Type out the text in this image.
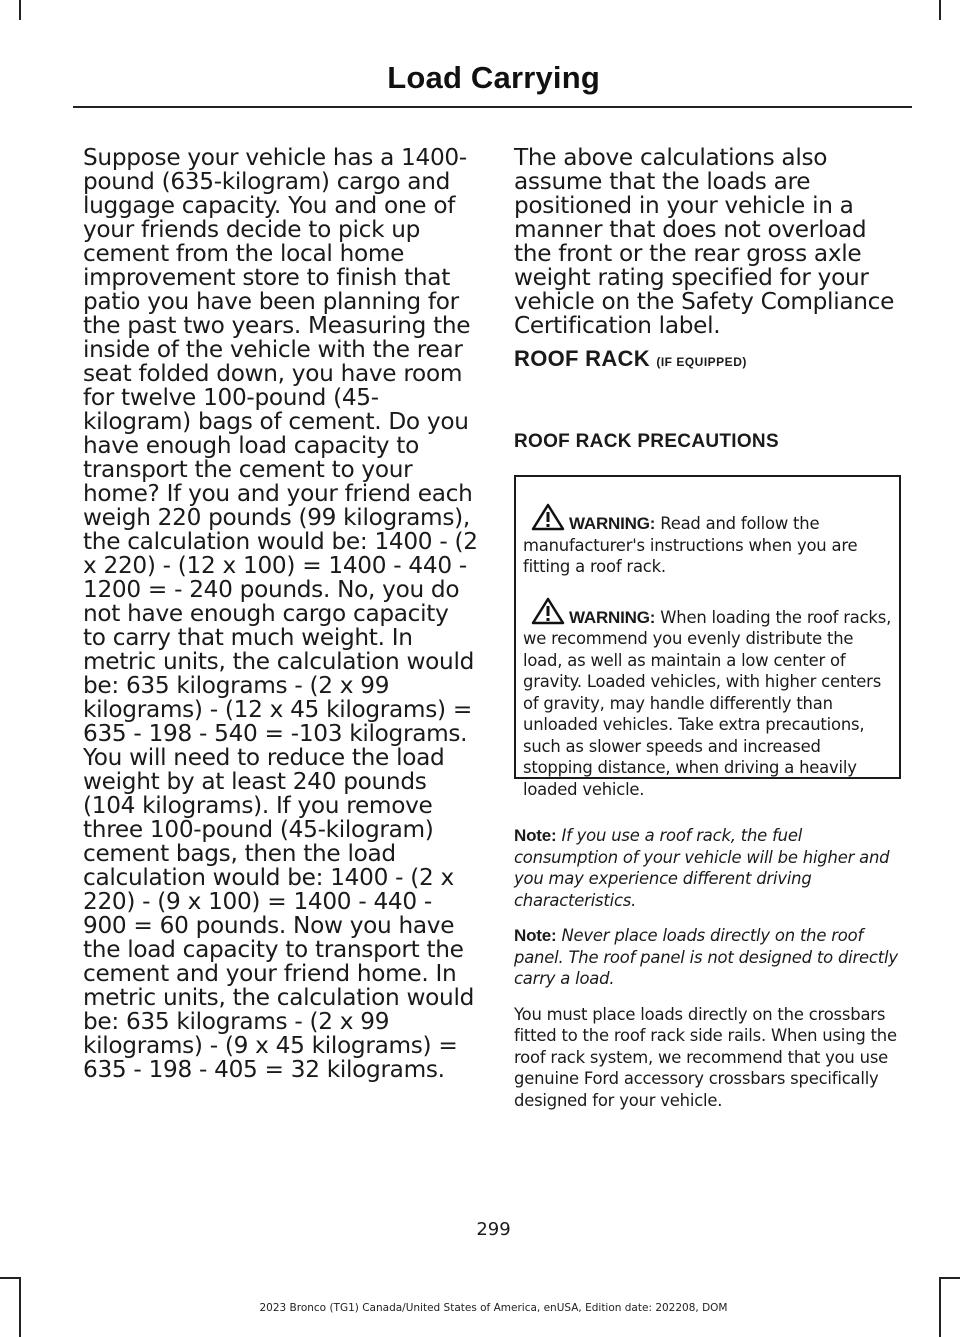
Load Carrying

Suppose your vehicle has a 1400-pound (635-kilogram) cargo and luggage capacity. You and one of your friends decide to pick up cement from the local home improvement store to finish that patio you have been planning for the past two years. Measuring the inside of the vehicle with the rear seat folded down, you have room for twelve 100-pound (45-kilogram) bags of cement. Do you have enough load capacity to transport the cement to your home? If you and your friend each weigh 220 pounds (99 kilograms), the calculation would be: 1400 - (2 x 220) - (12 x 100) = 1400 - 440 - 1200 = - 240 pounds. No, you do not have enough cargo capacity to carry that much weight. In metric units, the calculation would be: 635 kilograms - (2 x 99 kilograms) - (12 x 45 kilograms) = 635 - 198 - 540 = -103 kilograms. You will need to reduce the load weight by at least 240 pounds (104 kilograms). If you remove three 100-pound (45-kilogram) cement bags, then the load calculation would be: 1400 - (2 x 220) - (9 x 100) = 1400 - 440 - 900 = 60 pounds. Now you have the load capacity to transport the cement and your friend home. In metric units, the calculation would be: 635 kilograms - (2 x 99 kilograms) - (9 x 45 kilograms) = 635 - 198 - 405 = 32 kilograms.

The above calculations also assume that the loads are positioned in your vehicle in a manner that does not overload the front or the rear gross axle weight rating specified for your vehicle on the Safety Compliance Certification label.

ROOF RACK (IF EQUIPPED)
ROOF RACK PRECAUTIONS

WARNING: Read and follow the manufacturer's instructions when you are fitting a roof rack.

WARNING: When loading the roof racks, we recommend you evenly distribute the load, as well as maintain a low center of gravity. Loaded vehicles, with higher centers of gravity, may handle differently than unloaded vehicles. Take extra precautions, such as slower speeds and increased stopping distance, when driving a heavily loaded vehicle.

Note: If you use a roof rack, the fuel consumption of your vehicle will be higher and you may experience different driving characteristics.

Note: Never place loads directly on the roof panel. The roof panel is not designed to directly carry a load.

You must place loads directly on the crossbars fitted to the roof rack side rails. When using the roof rack system, we recommend that you use genuine Ford accessory crossbars specifically designed for your vehicle.

299
2023 Bronco (TG1) Canada/United States of America, enUSA, Edition date: 202208, DOM
